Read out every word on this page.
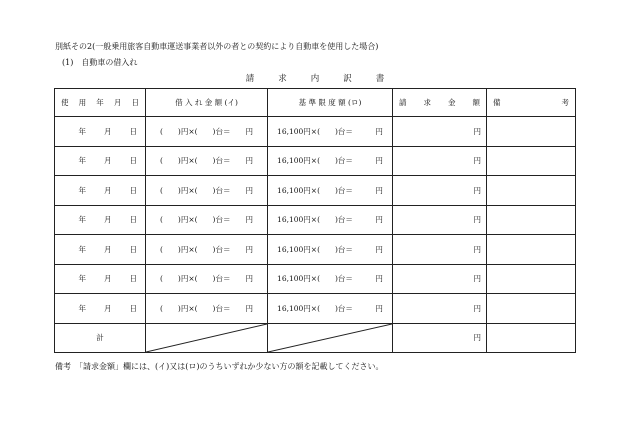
別紙その2(一般乗用旅客自動車運送事業者以外の者との契約により自動車を使用した場合)
(1)　自動車の借入れ
請	求	内	訳	書
使 用 年 月 日	借 入 れ 金 額 (イ)	基 準 限 度 額 (ロ)	請 求 金 額	備 考

年 月 日	(　　)円×(　　)台＝　　円	16,100円×(　　)台＝　　　円	円	

年 月 日	(　　)円×(　　)台＝　　円	16,100円×(　　)台＝　　　円	円	

年 月 日	(　　)円×(　　)台＝　　円	16,100円×(　　)台＝　　　円	円	

年 月 日	(　　)円×(　　)台＝　　円	16,100円×(　　)台＝　　　円	円	

年 月 日	(　　)円×(　　)台＝　　円	16,100円×(　　)台＝　　　円	円	

年 月 日	(　　)円×(　　)台＝　　円	16,100円×(　　)台＝　　　円	円	

年 月 日	(　　)円×(　　)台＝　　円	16,100円×(　　)台＝　　　円	円	
計			円	
備考　「請求金額」欄には、(イ)又は(ロ)のうちいずれか少ない方の額を記載してください。
